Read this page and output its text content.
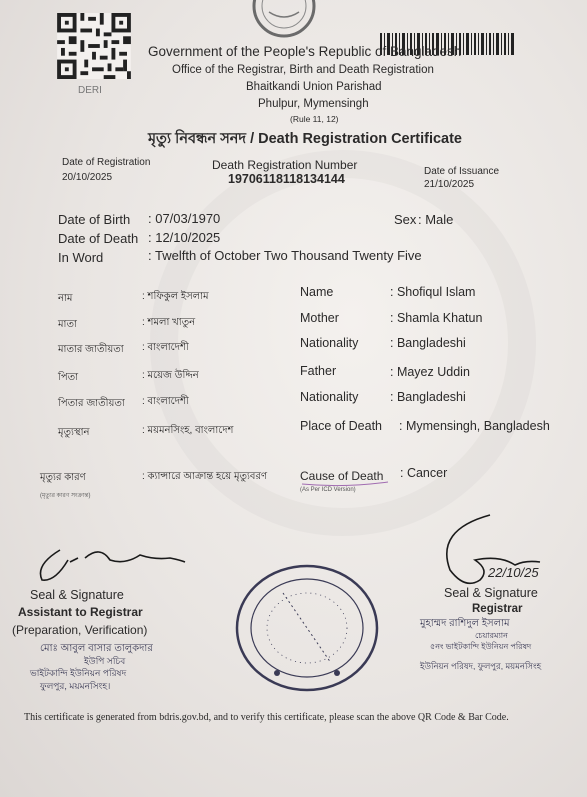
DERI
Government of the People's Republic of Bangladesh
Office of the Registrar, Birth and Death Registration
Bhaitkandi Union Parishad
Phulpur, Mymensingh
(Rule 11, 12)
মৃত্যু নিবন্ধন সনদ / Death Registration Certificate
Date of Registration
20/10/2025
Death Registration Number
19706118118134144
Date of Issuance
21/10/2025
Date of Birth : 07/03/1970	Sex : Male
Date of Death : 12/10/2025
In Word	: Twelfth of October Two Thousand Twenty Five
নাম	: শফিকুল ইসলাম	Name	: Shofiqul Islam
মাতা	: শমলা খাতুন	Mother	: Shamla Khatun
মাতার জাতীয়তা : বাংলাদেশী	Nationality	: Bangladeshi
পিতা	: ময়েজ উদ্দিন	Father	: Mayez Uddin
পিতার জাতীয়তা : বাংলাদেশী	Nationality	: Bangladeshi
মৃত্যুস্থান	: ময়মনসিংহ, বাংলাদেশ	Place of Death : Mymensingh, Bangladesh
মৃত্যুর কারণ	: ক্যান্সারে আক্রান্ত হয়ে মৃত্যুবরণ	Cause of Death : Cancer
(মৃত্যুর কারণ সংক্রান্ত)
(As Per ICD Version)
Seal & Signature
Assistant to Registrar
(Preparation, Verification)
মোঃ আবুল বাসার তালুকদার
ইউপি সচিব
ভাইটকান্দি ইউনিয়ন পরিষদ
ফুলপুর, ময়মনসিংহ।
22/10/25
Seal & Signature
Registrar
মুহাম্মদ রাশিদুল ইসলাম
চেয়ারম্যান
৫নং ভাইটকান্দি ইউনিয়ন পরিষদ
ইউনিয়ন পরিষদ, ফুলপুর, ময়মনসিংহ
This certificate is generated from bdris.gov.bd, and to verify this certificate, please scan the above QR Code & Bar Code.
